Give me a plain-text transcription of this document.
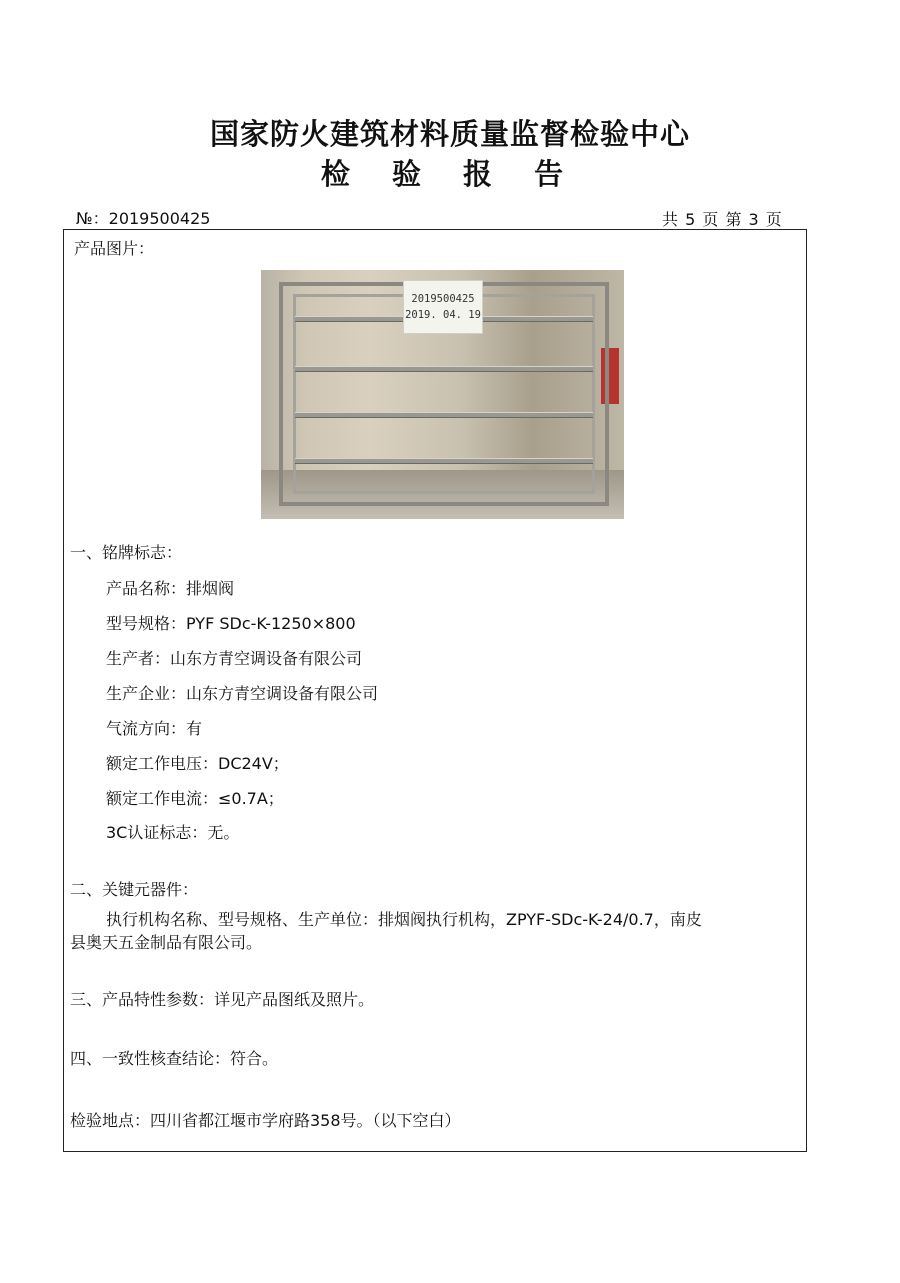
国家防火建筑材料质量监督检验中心
检 验 报 告
№：2019500425	共 5 页 第 3 页
产品图片：
2019500425
2019. 04. 19
一、铭牌标志：
产品名称：排烟阀
型号规格：PYF SDc-K-1250×800
生产者：山东方青空调设备有限公司
生产企业：山东方青空调设备有限公司
气流方向：有
额定工作电压：DC24V；
额定工作电流：≤0.7A；
3C认证标志：无。
二、关键元器件：
执行机构名称、型号规格、生产单位：排烟阀执行机构，ZPYF-SDc-K-24/0.7，南皮
县奥天五金制品有限公司。
三、产品特性参数：详见产品图纸及照片。
四、一致性核查结论：符合。
检验地点：四川省都江堰市学府路358号。（以下空白）
